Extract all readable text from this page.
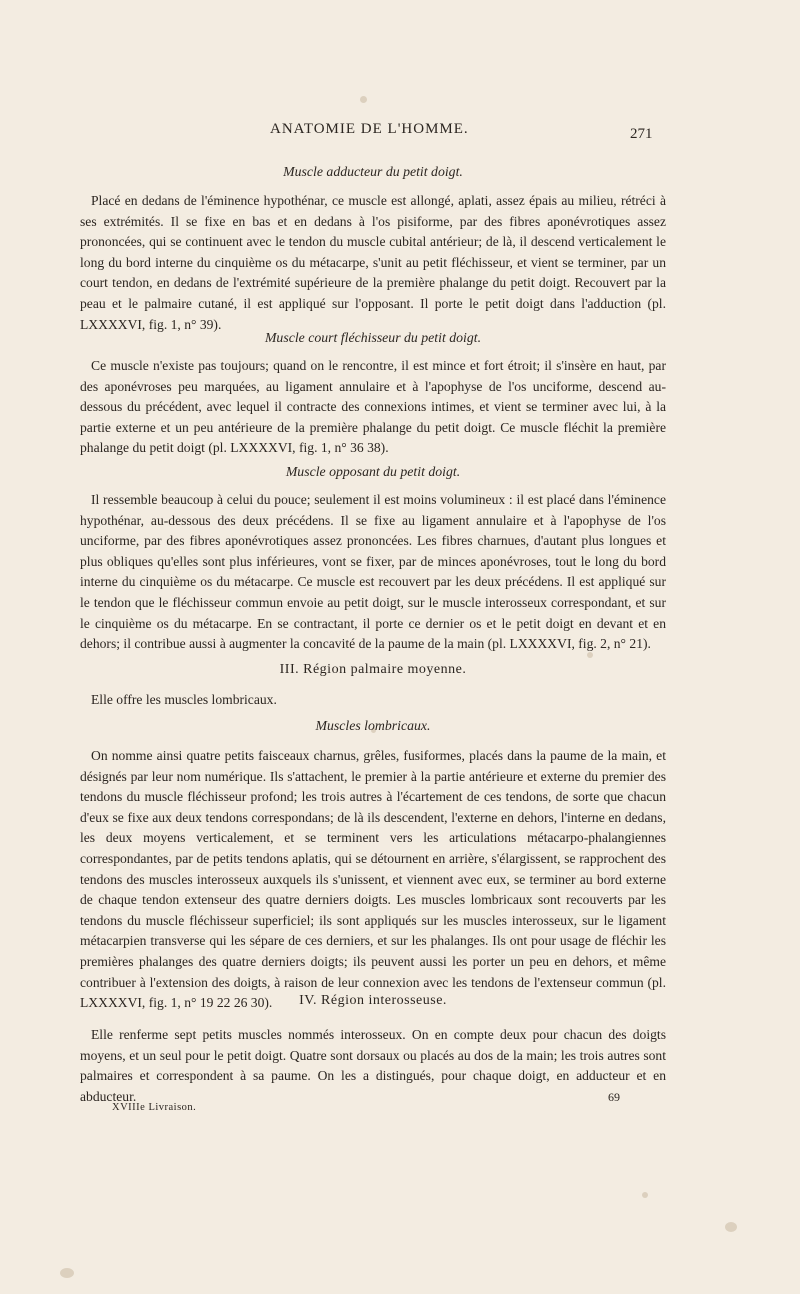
ANATOMIE DE L'HOMME.	271
Muscle adducteur du petit doigt.

Placé en dedans de l'éminence hypothénar, ce muscle est allongé, aplati, assez épais au milieu, rétréci à ses extrémités. Il se fixe en bas et en dedans à l'os pisiforme, par des fibres aponévrotiques assez prononcées, qui se continuent avec le tendon du muscle cubital antérieur; de là, il descend verticalement le long du bord interne du cinquième os du métacarpe, s'unit au petit fléchisseur, et vient se terminer, par un court tendon, en dedans de l'extrémité supérieure de la première phalange du petit doigt. Recouvert par la peau et le palmaire cutané, il est appliqué sur l'opposant. Il porte le petit doigt dans l'adduction (pl. LXXXXVI, fig. 1, n° 39).

Muscle court fléchisseur du petit doigt.

Ce muscle n'existe pas toujours; quand on le rencontre, il est mince et fort étroit; il s'insère en haut, par des aponévroses peu marquées, au ligament annulaire et à l'apophyse de l'os unciforme, descend au-dessous du précédent, avec lequel il contracte des connexions intimes, et vient se terminer avec lui, à la partie externe et un peu antérieure de la première phalange du petit doigt. Ce muscle fléchit la première phalange du petit doigt (pl. LXXXXVI, fig. 1, n° 36 38).

Muscle opposant du petit doigt.

Il ressemble beaucoup à celui du pouce; seulement il est moins volumineux : il est placé dans l'éminence hypothénar, au-dessous des deux précédens. Il se fixe au ligament annulaire et à l'apophyse de l'os unciforme, par des fibres aponévrotiques assez prononcées. Les fibres charnues, d'autant plus longues et plus obliques qu'elles sont plus inférieures, vont se fixer, par de minces aponévroses, tout le long du bord interne du cinquième os du métacarpe. Ce muscle est recouvert par les deux précédens. Il est appliqué sur le tendon que le fléchisseur commun envoie au petit doigt, sur le muscle interosseux correspondant, et sur le cinquième os du métacarpe. En se contractant, il porte ce dernier os et le petit doigt en devant et en dehors; il contribue aussi à augmenter la concavité de la paume de la main (pl. LXXXXVI, fig. 2, n° 21).

III. Région palmaire moyenne.

Elle offre les muscles lombricaux.

Muscles lombricaux.

On nomme ainsi quatre petits faisceaux charnus, grêles, fusiformes, placés dans la paume de la main, et désignés par leur nom numérique. Ils s'attachent, le premier à la partie antérieure et externe du premier des tendons du muscle fléchisseur profond; les trois autres à l'écartement de ces tendons, de sorte que chacun d'eux se fixe aux deux tendons correspondans; de là ils descendent, l'externe en dehors, l'interne en dedans, les deux moyens verticalement, et se terminent vers les articulations métacarpo-phalangiennes correspondantes, par de petits tendons aplatis, qui se détournent en arrière, s'élargissent, se rapprochent des tendons des muscles interosseux auxquels ils s'unissent, et viennent avec eux, se terminer au bord externe de chaque tendon extenseur des quatre derniers doigts. Les muscles lombricaux sont recouverts par les tendons du muscle fléchisseur superficiel; ils sont appliqués sur les muscles interosseux, sur le ligament métacarpien transverse qui les sépare de ces derniers, et sur les phalanges. Ils ont pour usage de fléchir les premières phalanges des quatre derniers doigts; ils peuvent aussi les porter un peu en dehors, et même contribuer à l'extension des doigts, à raison de leur connexion avec les tendons de l'extenseur commun (pl. LXXXXVI, fig. 1, n° 19 22 26 30).	IV. Région interosseuse.

Elle renferme sept petits muscles nommés interosseux. On en compte deux pour chacun des doigts moyens, et un seul pour le petit doigt. Quatre sont dorsaux ou placés au dos de la main; les trois autres sont palmaires et correspondent à sa paume. On les a distingués, pour chaque doigt, en adducteur et en abducteur.

XVIIIe Livraison.
69
